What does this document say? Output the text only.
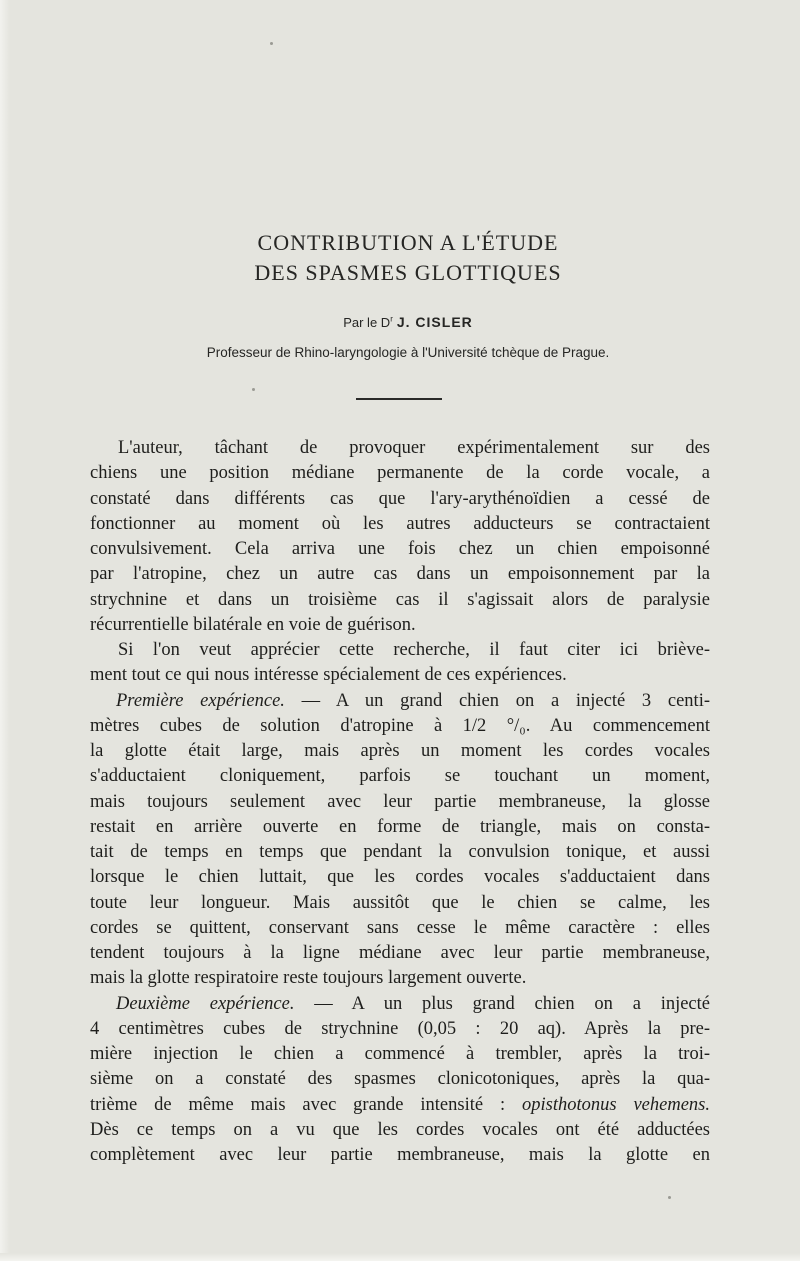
CONTRIBUTION A L'ÉTUDE
DES SPASMES GLOTTIQUES
Par le $D^r$ J. CISLER
Professeur de Rhino-laryngologie à l'Université tchèque de Prague.
L'auteur, tâchant de provoquer expérimentalement sur des
chiens une position médiane permanente de la corde vocale, a
constaté dans différents cas que l'ary-arythénoïdien a cessé de
fonctionner au moment où les autres adducteurs se contractaient
convulsivement. Cela arriva une fois chez un chien empoisonné
par l'atropine, chez un autre cas dans un empoisonnement par la
strychnine et dans un troisième cas il s'agissait alors de paralysie
récurrentielle bilatérale en voie de guérison.
Si l'on veut apprécier cette recherche, il faut citer ici briève-
ment tout ce qui nous intéresse spécialement de ces expériences.
Première expérience. — A un grand chien on a injecté 3 centi-
mètres cubes de solution d'atropine à 1/2 °/₀. Au commencement
la glotte était large, mais après un moment les cordes vocales
s'adductaient cloniquement, parfois se touchant un moment,
mais toujours seulement avec leur partie membraneuse, la glosse
restait en arrière ouverte en forme de triangle, mais on consta-
tait de temps en temps que pendant la convulsion tonique, et aussi
lorsque le chien luttait, que les cordes vocales s'adductaient dans
toute leur longueur. Mais aussitôt que le chien se calme, les
cordes se quittent, conservant sans cesse le même caractère : elles
tendent toujours à la ligne médiane avec leur partie membraneuse,
mais la glotte respiratoire reste toujours largement ouverte.
Deuxième expérience. — A un plus grand chien on a injecté
4 centimètres cubes de strychnine (0,05 : 20 aq). Après la pre-
mière injection le chien a commencé à trembler, après la troi-
sième on a constaté des spasmes clonicotoniques, après la qua-
trième de même mais avec grande intensité : opisthotonus vehemens.
Dès ce temps on a vu que les cordes vocales ont été adductées
complètement avec leur partie membraneuse, mais la glotte en
